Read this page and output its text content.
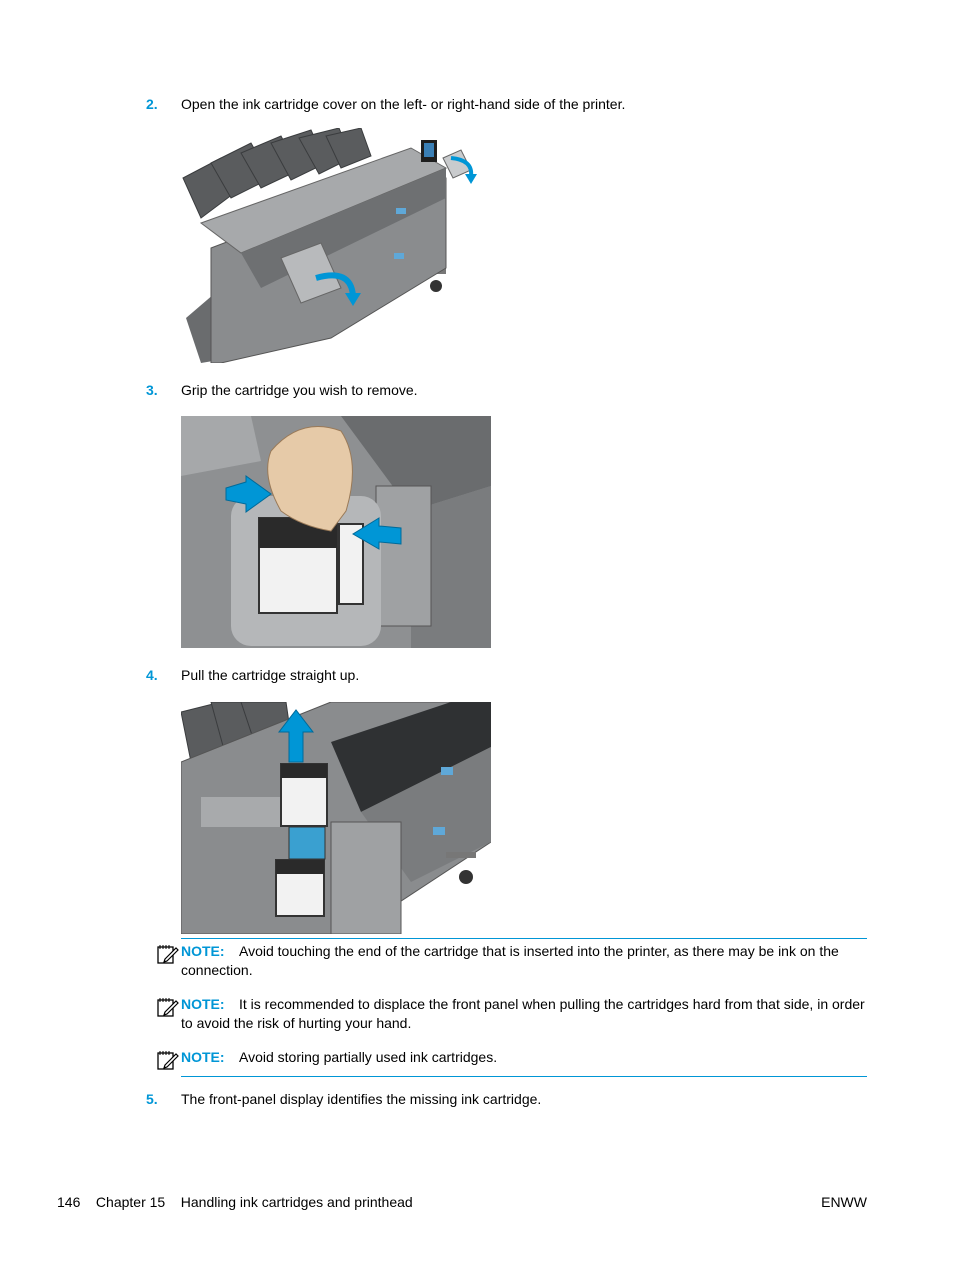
2. Open the ink cartridge cover on the left- or right-hand side of the printer.
3. Grip the cartridge you wish to remove.
4. Pull the cartridge straight up.
NOTE: Avoid touching the end of the cartridge that is inserted into the printer, as there may be ink on the connection.
NOTE: It is recommended to displace the front panel when pulling the cartridges hard from that side, in order to avoid the risk of hurting your hand.
NOTE: Avoid storing partially used ink cartridges.
5. The front-panel display identifies the missing ink cartridge.
146 Chapter 15 Handling ink cartridges and printhead	ENWW
